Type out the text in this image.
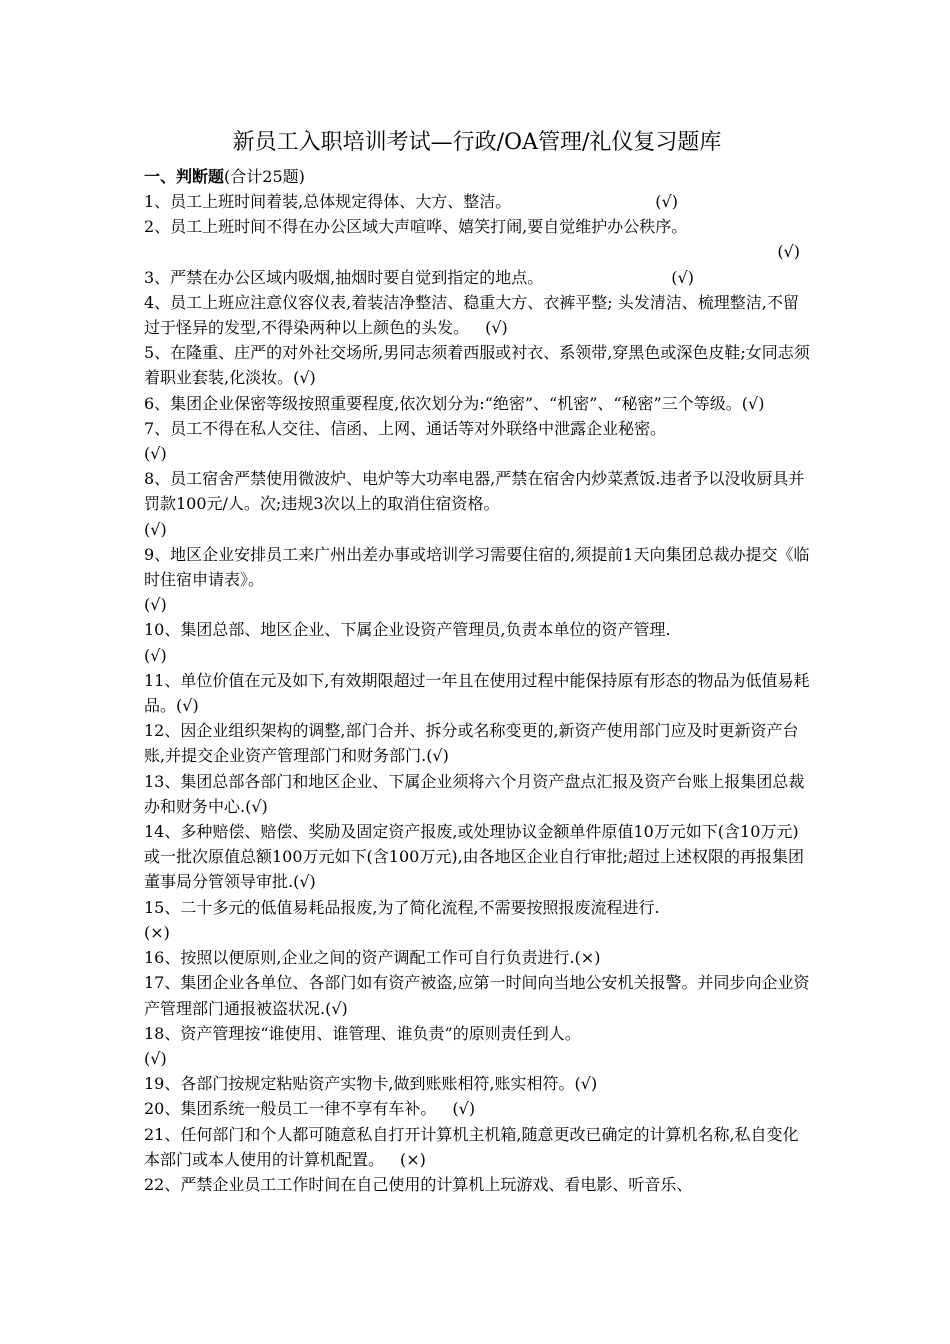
新员工入职培训考试—行政/OA管理/礼仪复习题库

一、判断题(合计25题)

1、员工上班时间着装,总体规定得体、大方、整洁。         	(√)
2、员工上班时间不得在办公区域大声喧哗、嬉笑打闹,要自觉维护办公秩序。

(√)

3、严禁在办公区域内吸烟,抽烟时要自觉到指定的地点。        	(√)
4、员工上班应注意仪容仪表,着装洁净整洁、稳重大方、衣裤平整; 头发清洁、梳理整洁,不留过于怪异的发型,不得染两种以上颜色的头发。  (√)
5、在隆重、庄严的对外社交场所,男同志须着西服或衬衣、系领带,穿黑色或深色皮鞋;女同志须着职业套装,化淡妆。(√)
6、集团企业保密等级按照重要程度,依次划分为:“绝密”、“机密”、“秘密”三个等级。(√)
7、员工不得在私人交往、信函、上网、通话等对外联络中泄露企业秘密。
(√)
8、员工宿舍严禁使用微波炉、电炉等大功率电器,严禁在宿舍内炒菜煮饭.违者予以没收厨具并罚款100元/人。次;违规3次以上的取消住宿资格。
(√)
9、地区企业安排员工来广州出差办事或培训学习需要住宿的,须提前1天向集团总裁办提交《临时住宿申请表》。
(√)
10、集团总部、地区企业、下属企业设资产管理员,负责本单位的资产管理.
(√)
11、单位价值在元及如下,有效期限超过一年且在使用过程中能保持原有形态的物品为低值易耗品。(√)
12、因企业组织架构的调整,部门合并、拆分或名称变更的,新资产使用部门应及时更新资产台账,并提交企业资产管理部门和财务部门.(√)
13、集团总部各部门和地区企业、下属企业须将六个月资产盘点汇报及资产台账上报集团总裁办和财务中心.(√)
14、多种赔偿、赔偿、奖励及固定资产报废,或处理协议金额单件原值10万元如下(含10万元)或一批次原值总额100万元如下(含100万元),由各地区企业自行审批;超过上述权限的再报集团董事局分管领导审批.(√)
15、二十多元的低值易耗品报废,为了简化流程,不需要按照报废流程进行.
(×)
16、按照以便原则,企业之间的资产调配工作可自行负责进行.(×)
17、集团企业各单位、各部门如有资产被盗,应第一时间向当地公安机关报警。并同步向企业资产管理部门通报被盗状况.(√)
18、资产管理按“谁使用、谁管理、谁负责”的原则责任到人。
(√)
19、各部门按规定粘贴资产实物卡,做到账账相符,账实相符。(√)
20、集团系统一般员工一律不享有车补。  (√)
21、任何部门和个人都可随意私自打开计算机主机箱,随意更改已确定的计算机名称,私自变化本部门或本人使用的计算机配置。  (×)
22、严禁企业员工工作时间在自己使用的计算机上玩游戏、看电影、听音乐、
